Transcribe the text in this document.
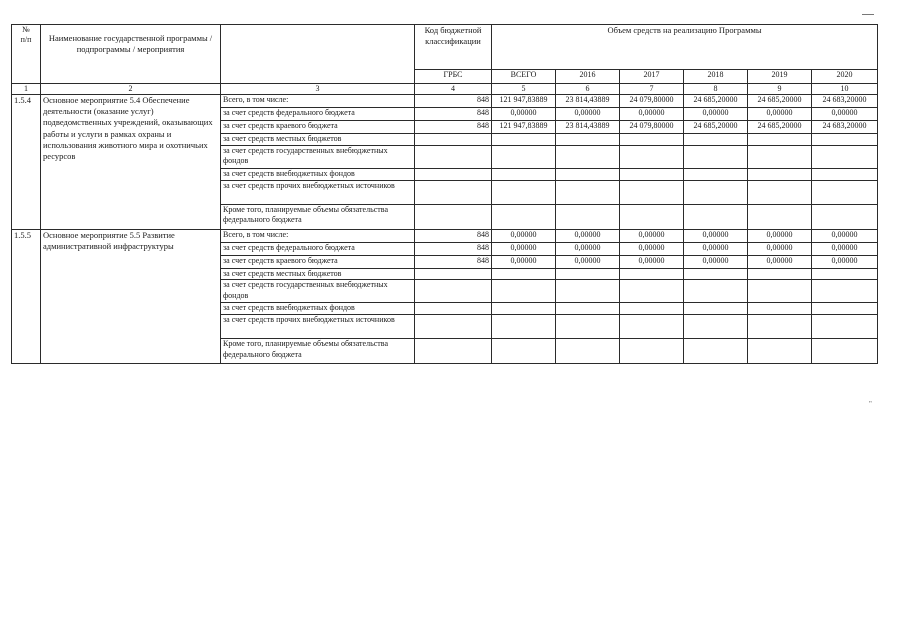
№
п/п	Наименование государственной программы / подпрограммы / мероприятия		Код бюджетной классификации	Объем средств на реализацию Программы					
			ГРБС	ВСЕГО	2016	2017	2018	2019	2020
1	2	3	4	5	6	7	8	9	10
1.5.4	Основное мероприятие 5.4 Обеспечение деятельности (оказание услуг) подведомственных учреждений, оказывающих работы и услуги в рамках охраны и использования животного мира и охотничьих ресурсов	Всего, в том числе:	848	121 947,83889	23 814,43889	24 079,80000	24 685,20000	24 685,20000	24 683,20000
		за счет средств федерального бюджета	848	0,00000	0,00000	0,00000	0,00000	0,00000	0,00000
		за счет средств краевого бюджета	848	121 947,83889	23 814,43889	24 079,80000	24 685,20000	24 685,20000	24 683,20000
		за счет средств местных бюджетов							
		за счет средств государственных внебюджетных фондов							
		за счет средств внебюджетных фондов							
		за счет средств прочих внебюджетных источников							
		Кроме того, планируемые объемы обязательства федерального бюджета							
1.5.5	Основное мероприятие 5.5 Развитие административной инфраструктуры	Всего, в том числе:	848	0,00000	0,00000	0,00000	0,00000	0,00000	0,00000
		за счет средств федерального бюджета	848	0,00000	0,00000	0,00000	0,00000	0,00000	0,00000
		за счет средств краевого бюджета	848	0,00000	0,00000	0,00000	0,00000	0,00000	0,00000
		за счет средств местных бюджетов							
		за счет средств государственных внебюджетных фондов							
		за счет средств внебюджетных фондов							
		за счет средств прочих внебюджетных источников							
		Кроме того, планируемые объемы обязательства федерального бюджета							
"
